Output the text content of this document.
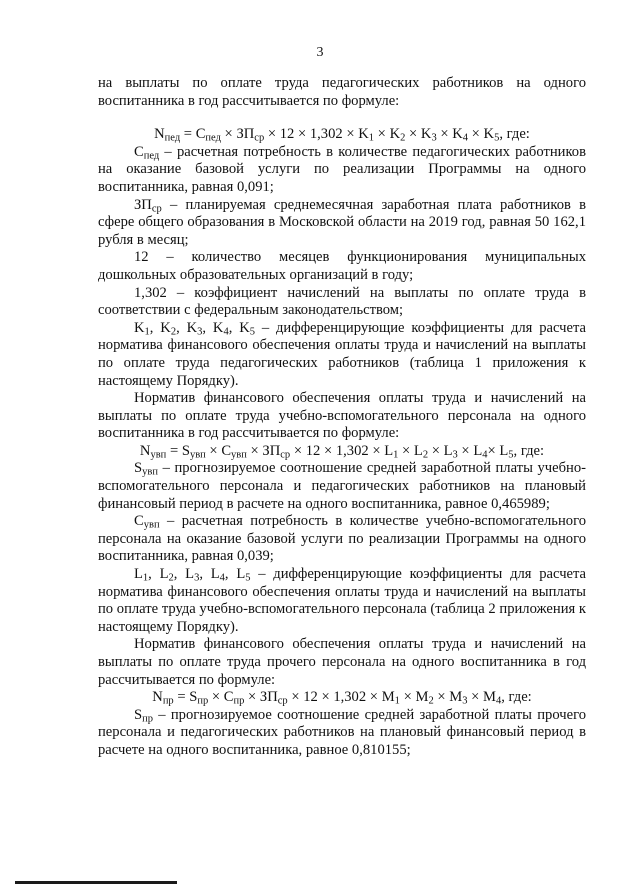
3

на выплаты по оплате труда педагогических работников на одного воспитанника в год рассчитывается по формуле:

$N_{пед} = С_{пед} \times ЗП_{ср} \times 12 \times 1,302 \times K_1 \times K_2 \times K_3 \times K_4 \times K_5$, где:

$С_{пед}$ – расчетная потребность в количестве педагогических работников на оказание базовой услуги по реализации Программы на одного воспитанника, равная 0,091;

$ЗП_{ср}$ – планируемая среднемесячная заработная плата работников в сфере общего образования в Московской области на 2019 год, равная 50 162,1 рубля в месяц;

12 – количество месяцев функционирования муниципальных дошкольных образовательных организаций в году;

1,302 – коэффициент начислений на выплаты по оплате труда в соответствии с федеральным законодательством;

$K_1$, $K_2$, $K_3$, $K_4$, $K_5$ – дифференцирующие коэффициенты для расчета норматива финансового обеспечения оплаты труда и начислений на выплаты по оплате труда педагогических работников (таблица 1 приложения к настоящему Порядку).

Норматив финансового обеспечения оплаты труда и начислений на выплаты по оплате труда учебно-вспомогательного персонала на одного воспитанника в год рассчитывается по формуле:

$N_{увп} = S_{увп} \times С_{увп} \times ЗП_{ср} \times 12 \times 1,302 \times L_1 \times L_2 \times L_3 \times L_4\times L_5$, где:

$S_{увп}$ – прогнозируемое соотношение средней заработной платы учебно-вспомогательного персонала и педагогических работников на плановый финансовый период в расчете на одного воспитанника, равное 0,465989;

$С_{увп}$ – расчетная потребность в количестве учебно-вспомогательного персонала на оказание базовой услуги по реализации Программы на одного воспитанника, равная 0,039;

$L_1$, $L_2$, $L_3$, $L_4$, $L_5$ – дифференцирующие коэффициенты для расчета норматива финансового обеспечения оплаты труда и начислений на выплаты по оплате труда учебно-вспомогательного персонала (таблица 2 приложения к настоящему Порядку).

Норматив финансового обеспечения оплаты труда и начислений на выплаты по оплате труда прочего персонала на одного воспитанника в год рассчитывается по формуле:

$N_{пр} = S_{пр} \times С_{пр} \times ЗП_{ср} \times 12 \times 1,302 \times M_1 \times M_2 \times M_3 \times M_4$, где:

$S_{пр}$ – прогнозируемое соотношение средней заработной платы прочего персонала и педагогических работников на плановый финансовый период в расчете на одного воспитанника, равное 0,810155;
